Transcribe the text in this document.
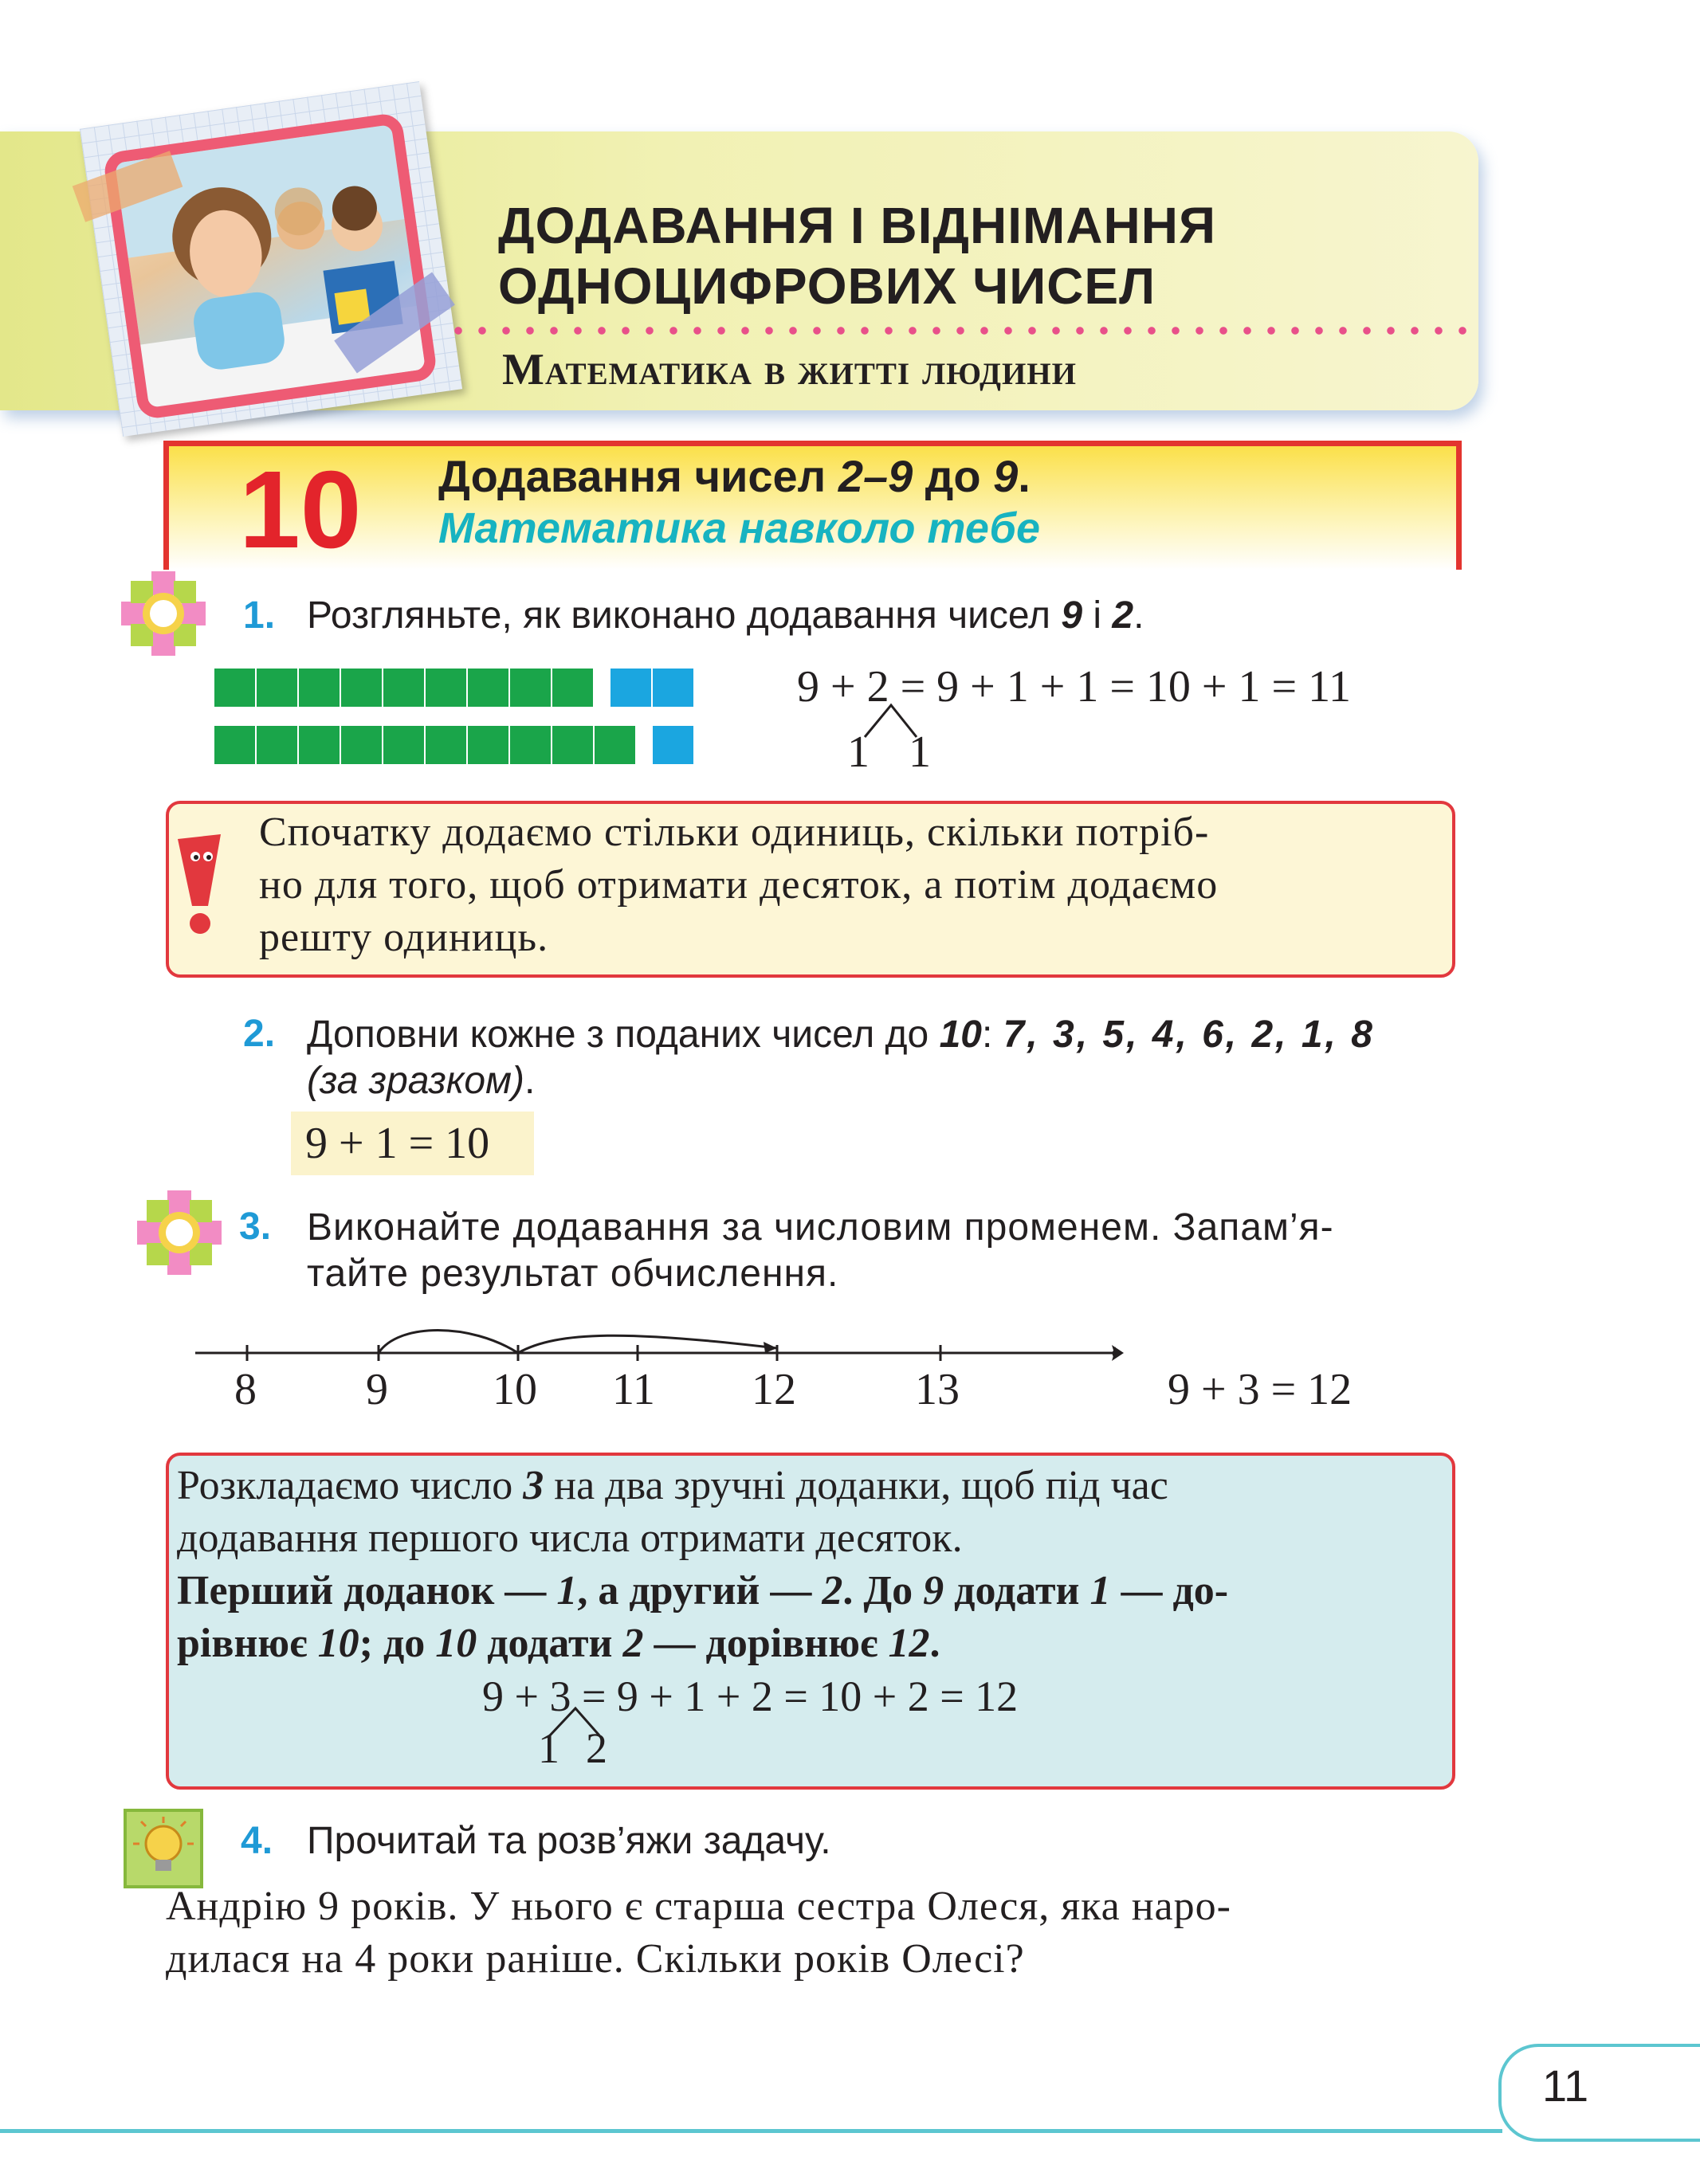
ДОДАВАННЯ І ВІДНІМАННЯ
ОДНОЦИФРОВИХ ЧИСЕЛ
Математика в житті людини
10 Додавання чисел 2–9 до 9.
Математика навколо тебе
1. Розгляньте, як виконано додавання чисел 9 і 2.
9 + 2 = 9 + 1 + 1 = 10 + 1 = 11
1 1
Спочатку додаємо стільки одиниць, скільки потріб-
но для того, щоб отримати десяток, а потім додаємо
решту одиниць.
2. Доповни кожне з поданих чисел до 10: 7, 3, 5, 4, 6, 2, 1, 8
(за зразком).
9 + 1 = 10
3. Виконайте додавання за числовим променем. Запам’я-
тайте результат обчислення.
8 9 10 11 12	13	9 + 3 = 12
Розкладаємо число 3 на два зручні доданки, щоб під час
додавання першого числа отримати десяток.
Перший доданок — 1, а другий — 2. До 9 додати 1 — до-
рівнює 10; до 10 додати 2 — дорівнює 12.
9 + 3 = 9 + 1 + 2 = 10 + 2 = 12
1 2
4. Прочитай та розв’яжи задачу.
Андрію 9 років. У нього є старша сестра Олеся, яка наро-
дилася на 4 роки раніше. Скільки років Олесі?
11
